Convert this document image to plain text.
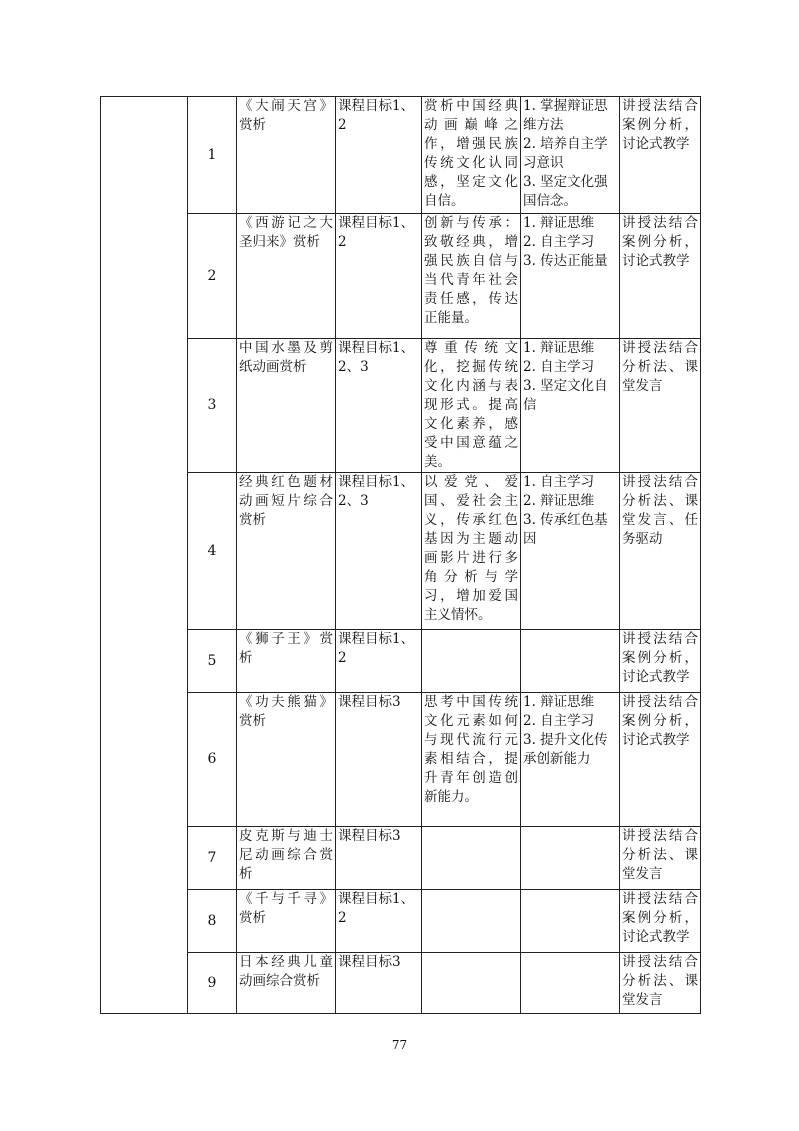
	1	《大闹天宫》赏析	课程目标1、2	赏析中国经典动画巅峰之作，增强民族传统文化认同感，坚定文化自信。	1. 掌握辩证思维方法
2. 培养自主学习意识
3. 坚定文化强国信念。	讲授法结合案例分析，讨论式教学
	2	《西游记之大圣归来》赏析	课程目标1、2	创新与传承：致敬经典，增强民族自信与当代青年社会责任感，传达正能量。	1. 辩证思维
2. 自主学习
3. 传达正能量	讲授法结合案例分析，讨论式教学
	3	中国水墨及剪纸动画赏析	课程目标1、2、3	尊重传统文化，挖掘传统文化内涵与表现形式。提高文化素养，感受中国意蕴之美。	1. 辩证思维
2. 自主学习
3. 坚定文化自信	讲授法结合分析法、课堂发言
	4	经典红色题材动画短片综合赏析	课程目标1、2、3	以爱党、爱国、爱社会主义，传承红色基因为主题动画影片进行多角分析与学习，增加爱国主义情怀。	1. 自主学习
2. 辩证思维
3. 传承红色基因	讲授法结合分析法、课堂发言、任务驱动
	5	《狮子王》赏析	课程目标1、2			讲授法结合案例分析，讨论式教学
	6	《功夫熊猫》赏析	课程目标3	思考中国传统文化元素如何与现代流行元素相结合，提升青年创造创新能力。	1. 辩证思维
2. 自主学习
3. 提升文化传承创新能力	讲授法结合案例分析，讨论式教学
	7	皮克斯与迪士尼动画综合赏析	课程目标3			讲授法结合分析法、课堂发言
	8	《千与千寻》赏析	课程目标1、2			讲授法结合案例分析，讨论式教学
	9	日本经典儿童动画综合赏析	课程目标3			讲授法结合分析法、课堂发言
77
